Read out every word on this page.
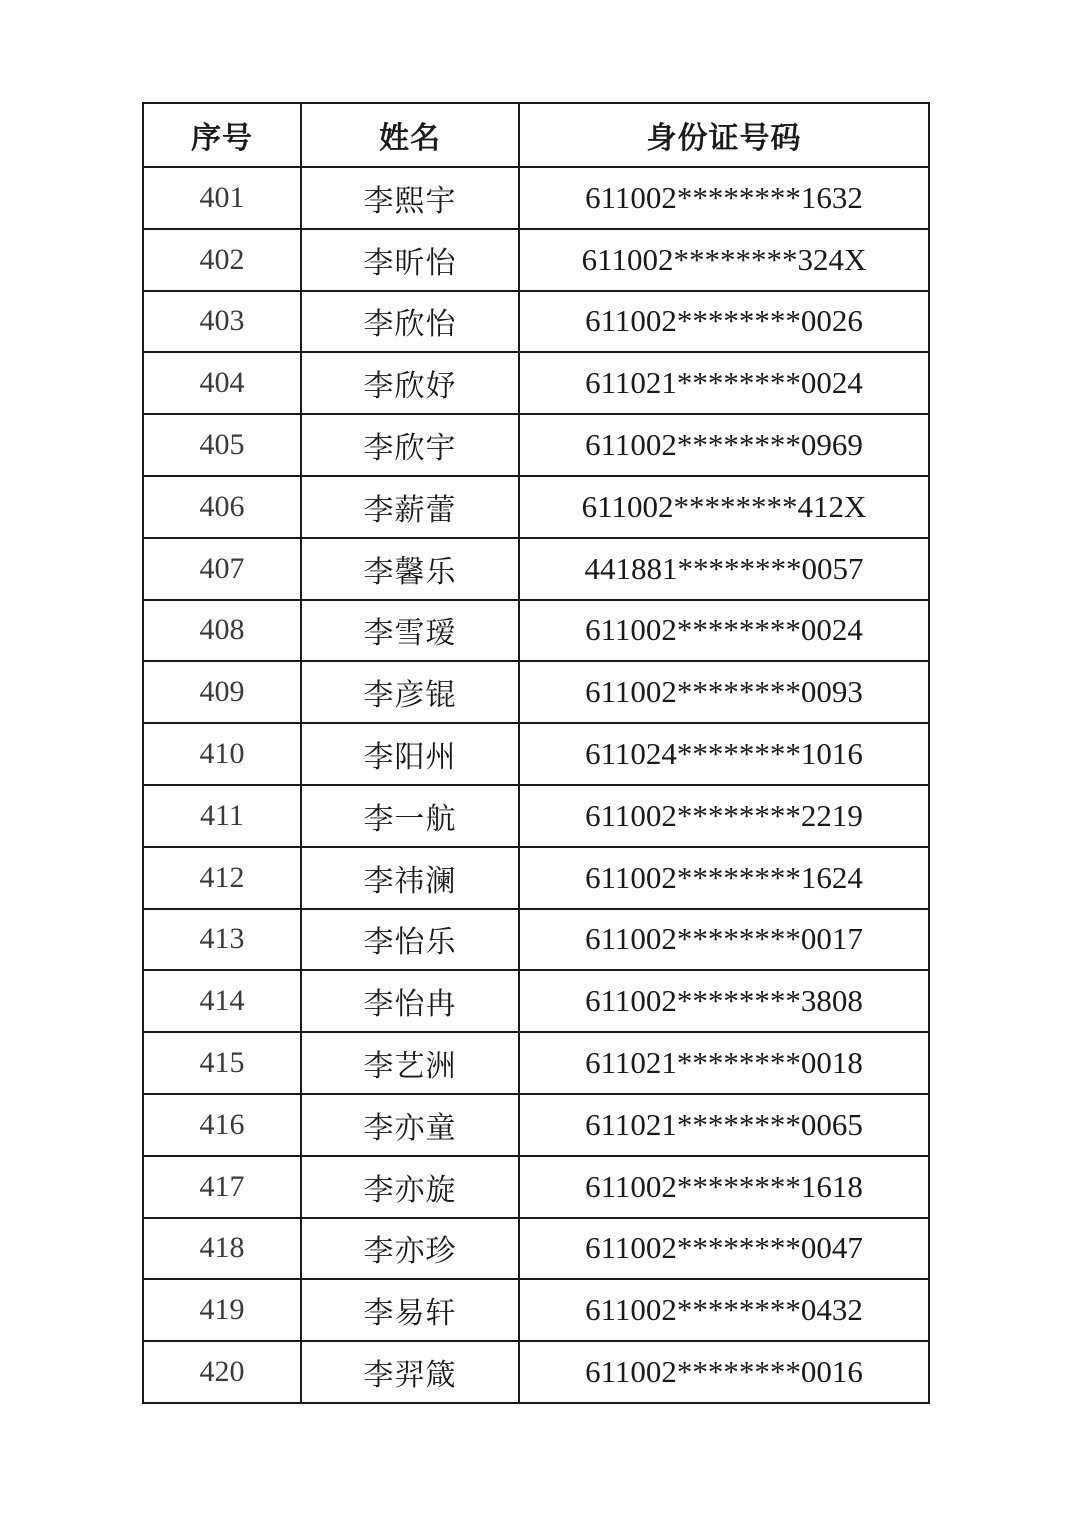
序号	姓名	身份证号码
401	李熙宇	611002********1632
402	李昕怡	611002********324X
403	李欣怡	611002********0026
404	李欣妤	611021********0024
405	李欣宇	611002********0969
406	李薪蕾	611002********412X
407	李馨乐	441881********0057
408	李雪瑷	611002********0024
409	李彦锟	611002********0093
410	李阳州	611024********1016
411	李一航	611002********2219
412	李祎澜	611002********1624
413	李怡乐	611002********0017
414	李怡冉	611002********3808
415	李艺洲	611021********0018
416	李亦童	611021********0065
417	李亦旋	611002********1618
418	李亦珍	611002********0047
419	李易轩	611002********0432
420	李羿箴	611002********0016
